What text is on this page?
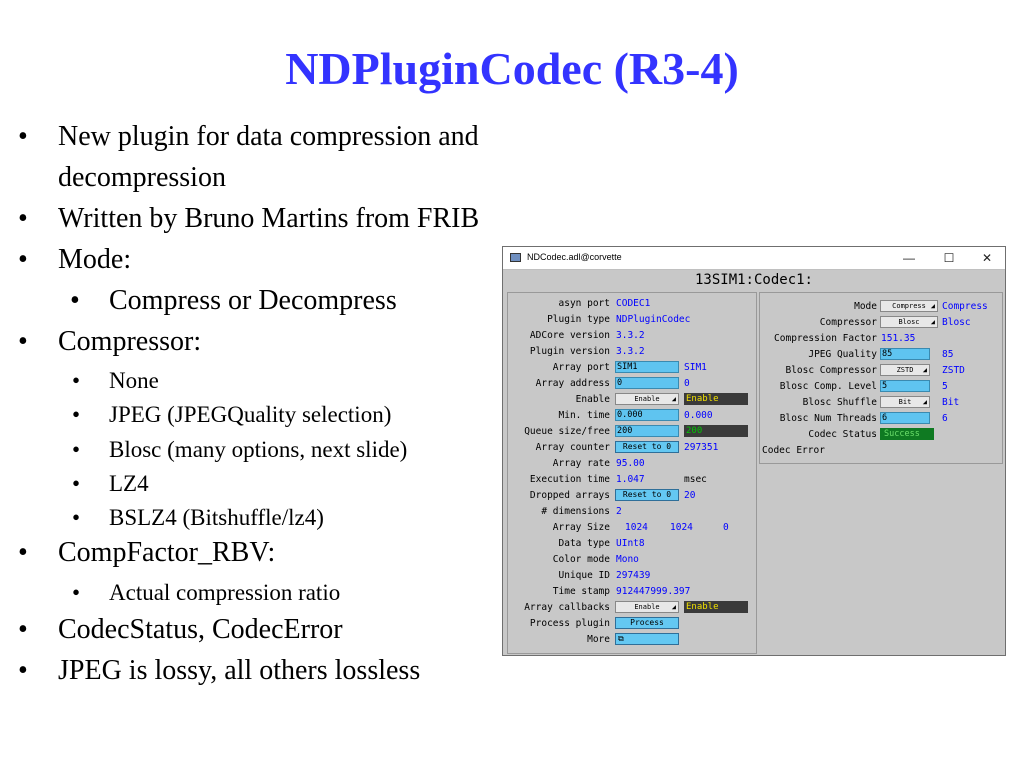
NDPluginCodec (R3-4)
• New plugin for data compression and
decompression
• Written by Bruno Martins from FRIB
• Mode:
• Compress or Decompress
• Compressor:
• None
• JPEG (JPEGQuality selection)
• Blosc (many options, next slide)
• LZ4
• BSLZ4 (Bitshuffle/lz4)
• CompFactor_RBV:
• Actual compression ratio
• CodecStatus, CodecError
• JPEG is lossy, all others lossless
NDCodec.adl@corvette	—	☐	✕
13SIM1:Codec1:
asyn port CODEC1
Plugin type NDPluginCodec
ADCore version 3.3.2
Plugin version 3.3.2
Array port SIM1	SIM1
Array address 0	0
Enable	Enable ◢ Enable
Min. time 0.000	0.000
Queue size/free 200	200
Array counter	Reset to 0	297351
Array rate 95.00
Execution time 1.047	msec
Dropped arrays	Reset to 0	20
# dimensions 2
Array Size 1024 1024	0
Data type UInt8
Color mode Mono
Unique ID 297439
Time stamp 912447999.397
Array callbacks	Enable ◢ Enable
Process plugin	Process
More	⧉
Mode	Compress ◢ Compress
Compressor	Blosc ◢ Blosc
Compression Factor 151.35
JPEG Quality 85	85
Blosc Compressor	ZSTD ◢ ZSTD
Blosc Comp. Level 5	5
Blosc Shuffle	Bit ◢ Bit
Blosc Num Threads 6	6
Codec Status Success
Codec Error
